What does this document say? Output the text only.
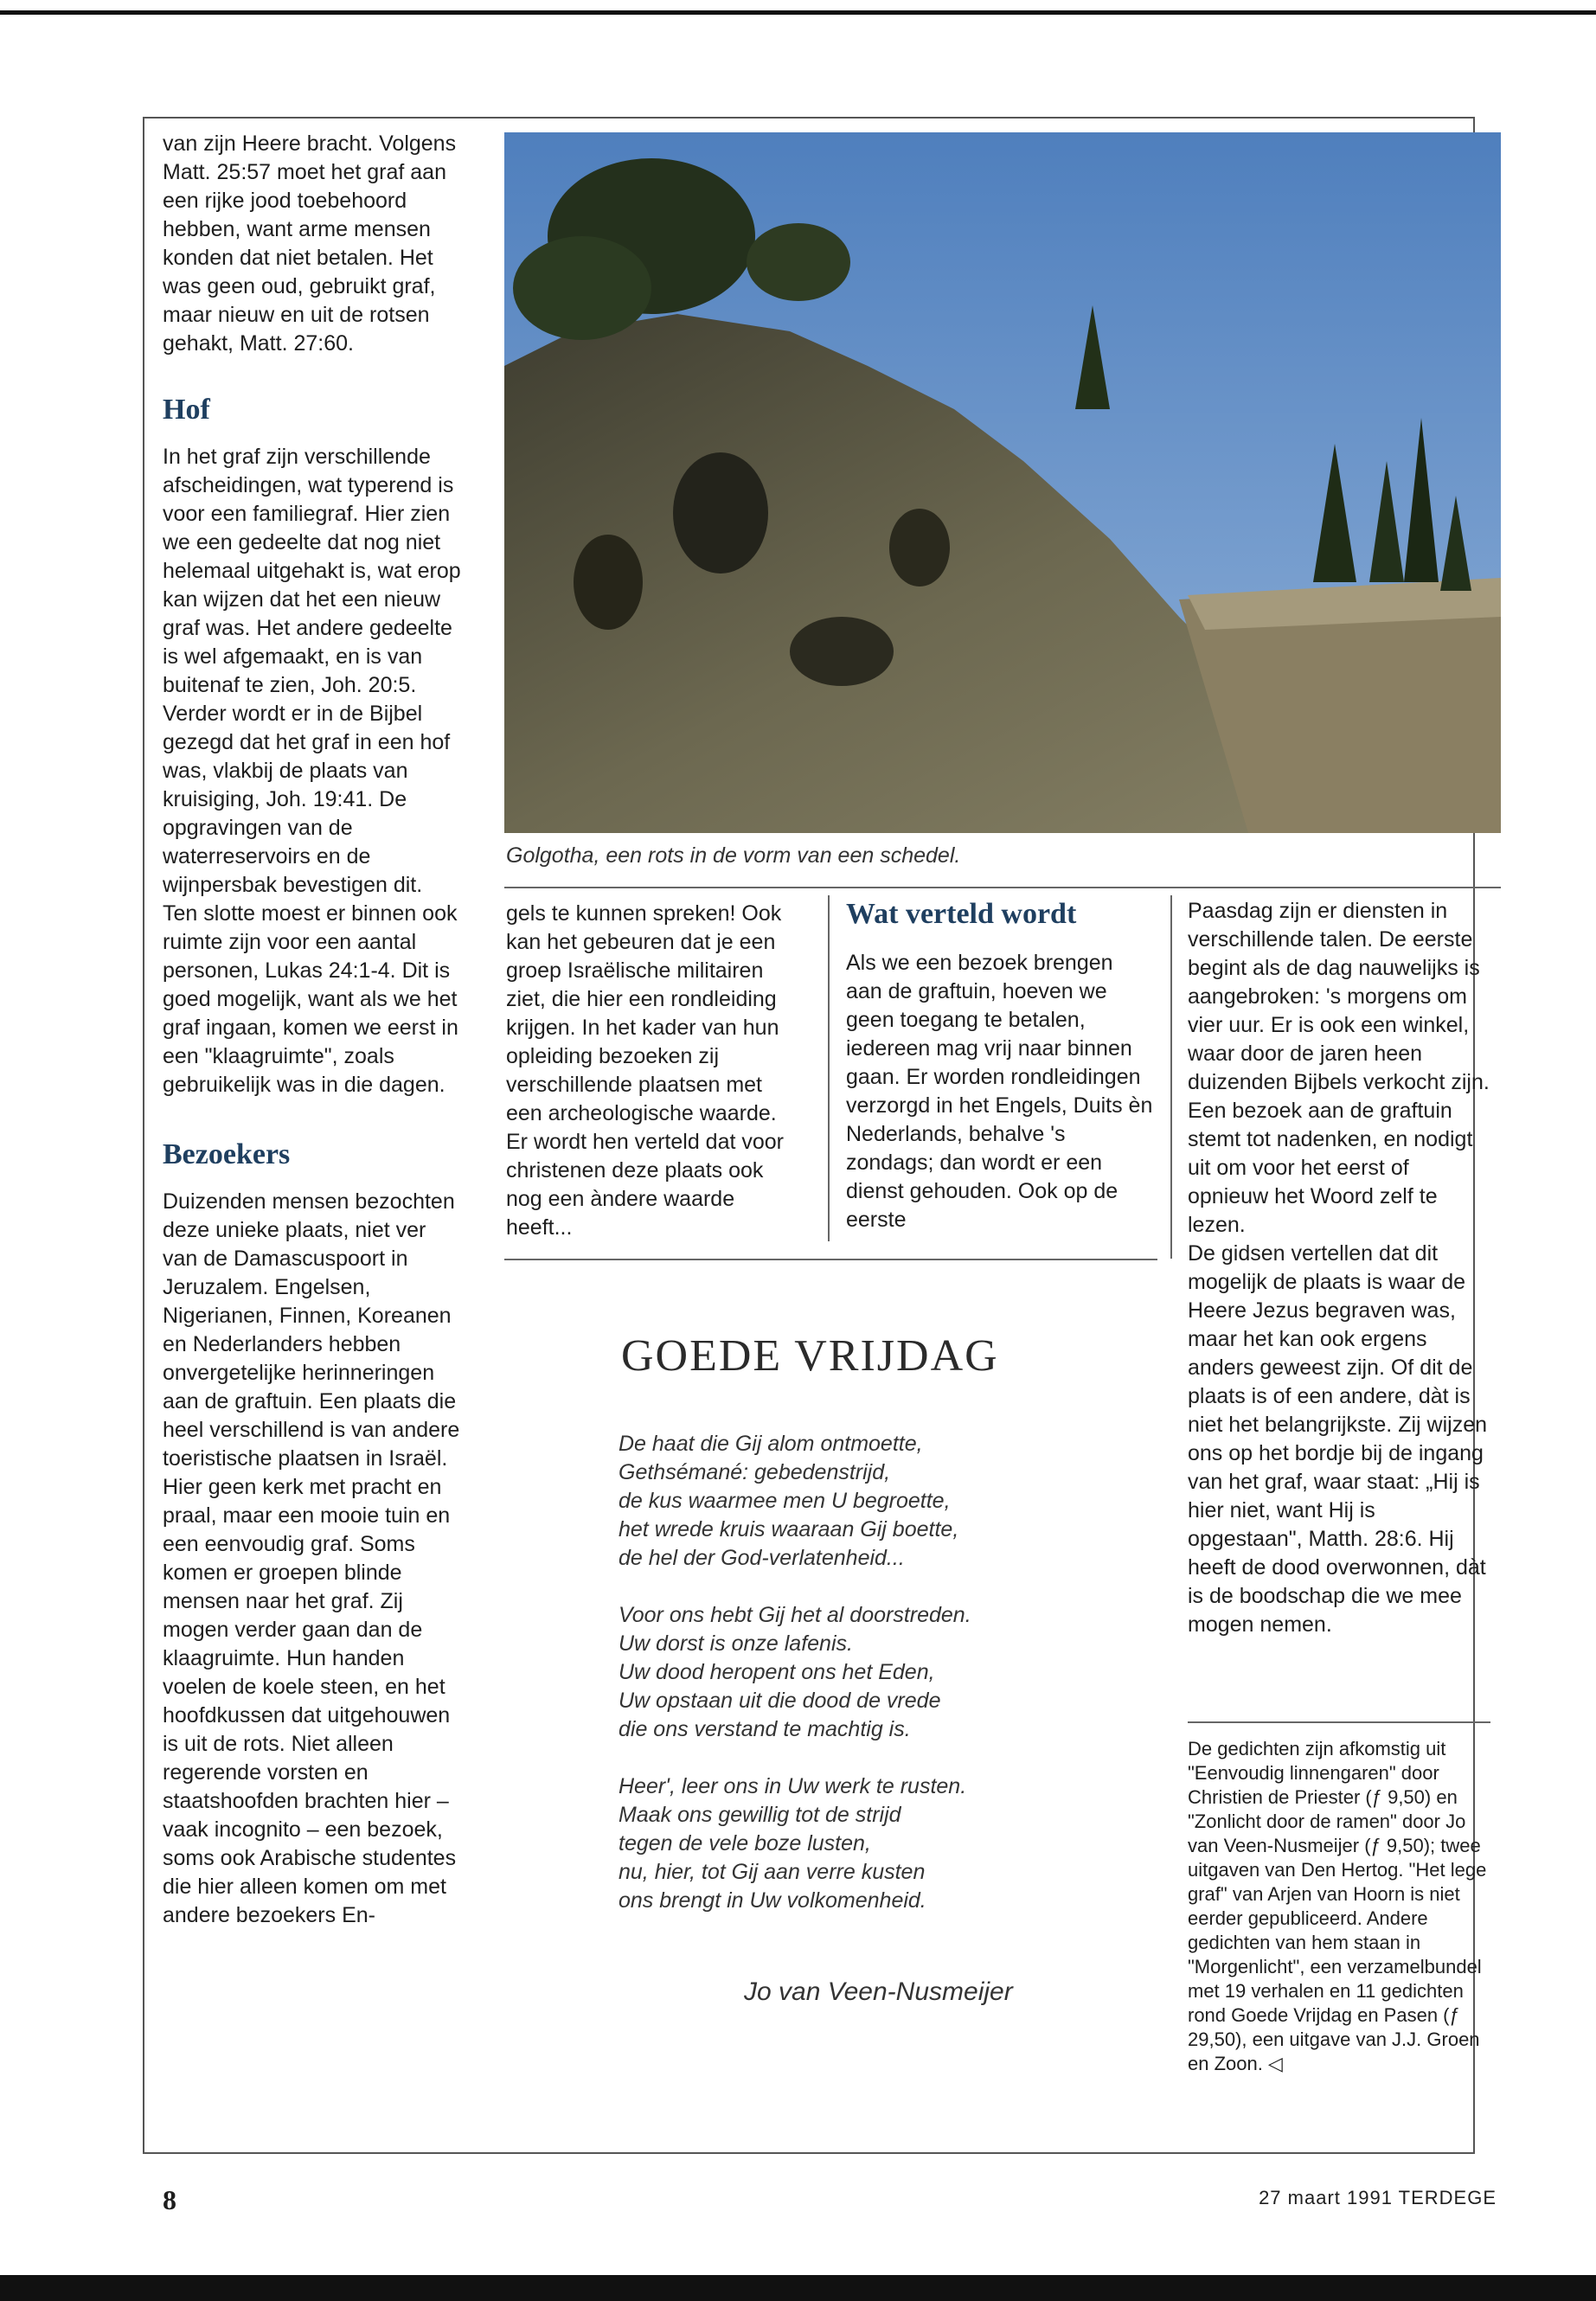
van zijn Heere bracht. Volgens Matt. 25:57 moet het graf aan een rijke jood toebehoord hebben, want arme mensen konden dat niet betalen. Het was geen oud, gebruikt graf, maar nieuw en uit de rotsen gehakt, Matt. 27:60.

Hof

In het graf zijn verschillende afscheidingen, wat typerend is voor een familiegraf. Hier zien we een gedeelte dat nog niet helemaal uitgehakt is, wat erop kan wijzen dat het een nieuw graf was. Het andere gedeelte is wel afgemaakt, en is van buitenaf te zien, Joh. 20:5. Verder wordt er in de Bijbel gezegd dat het graf in een hof was, vlakbij de plaats van kruisiging, Joh. 19:41. De opgravingen van de waterreservoirs en de wijnpersbak bevestigen dit.

Ten slotte moest er binnen ook ruimte zijn voor een aantal personen, Lukas 24:1-4. Dit is goed mogelijk, want als we het graf ingaan, komen we eerst in een "klaagruimte", zoals gebruikelijk was in die dagen.

Bezoekers

Duizenden mensen bezochten deze unieke plaats, niet ver van de Damascuspoort in Jeruzalem. Engelsen, Nigerianen, Finnen, Koreanen en Nederlanders hebben onvergetelijke herinneringen aan de graftuin. Een plaats die heel verschillend is van andere toeristische plaatsen in Israël. Hier geen kerk met pracht en praal, maar een mooie tuin en een eenvoudig graf. Soms komen er groepen blinde mensen naar het graf. Zij mogen verder gaan dan de klaagruimte. Hun handen voelen de koele steen, en het hoofdkussen dat uitgehouwen is uit de rots. Niet alleen regerende vorsten en staatshoofden brachten hier – vaak incognito – een bezoek, soms ook Arabische studentes die hier alleen komen om met andere bezoekers En-

Golgotha, een rots in de vorm van een schedel.

gels te kunnen spreken! Ook kan het gebeuren dat je een groep Israëlische militairen ziet, die hier een rondleiding krijgen. In het kader van hun opleiding bezoeken zij verschillende plaatsen met een archeologische waarde. Er wordt hen verteld dat voor christenen deze plaats ook nog een àndere waarde heeft...

Wat verteld wordt

Als we een bezoek brengen aan de graftuin, hoeven we geen toegang te betalen, iedereen mag vrij naar binnen gaan. Er worden rondleidingen verzorgd in het Engels, Duits èn Nederlands, behalve 's zondags; dan wordt er een dienst gehouden. Ook op de eerste

Paasdag zijn er diensten in verschillende talen. De eerste begint als de dag nauwelijks is aangebroken: 's morgens om vier uur. Er is ook een winkel, waar door de jaren heen duizenden Bijbels verkocht zijn. Een bezoek aan de graftuin stemt tot nadenken, en nodigt uit om voor het eerst of opnieuw het Woord zelf te lezen.

De gidsen vertellen dat dit mogelijk de plaats is waar de Heere Jezus begraven was, maar het kan ook ergens anders geweest zijn. Of dit de plaats is of een andere, dàt is niet het belangrijkste. Zij wijzen ons op het bordje bij de ingang van het graf, waar staat: „Hij is hier niet, want Hij is opgestaan", Matth. 28:6. Hij heeft de dood overwonnen, dàt is de boodschap die we mee mogen nemen.

De gedichten zijn afkomstig uit "Eenvoudig linnengaren" door Christien de Priester (ƒ 9,50) en "Zonlicht door de ramen" door Jo van Veen-Nusmeijer (ƒ 9,50); twee uitgaven van Den Hertog. "Het lege graf" van Arjen van Hoorn is niet eerder gepubliceerd. Andere gedichten van hem staan in "Morgenlicht", een verzamelbundel met 19 verhalen en 11 gedichten rond Goede Vrijdag en Pasen (ƒ 29,50), een uitgave van J.J. Groen en Zoon. ◁
GOEDE VRIJDAG

De haat die Gij alom ontmoette,
Gethsémané: gebedenstrijd,
de kus waarmee men U begroette,
het wrede kruis waaraan Gij boette,
de hel der God-verlatenheid...

Voor ons hebt Gij het al doorstreden.
Uw dorst is onze lafenis.
Uw dood heropent ons het Eden,
Uw opstaan uit die dood de vrede
die ons verstand te machtig is.

Heer', leer ons in Uw werk te rusten.
Maak ons gewillig tot de strijd
tegen de vele boze lusten,
nu, hier, tot Gij aan verre kusten
ons brengt in Uw volkomenheid.

Jo van Veen-Nusmeijer
8	27 maart 1991 TERDEGE
